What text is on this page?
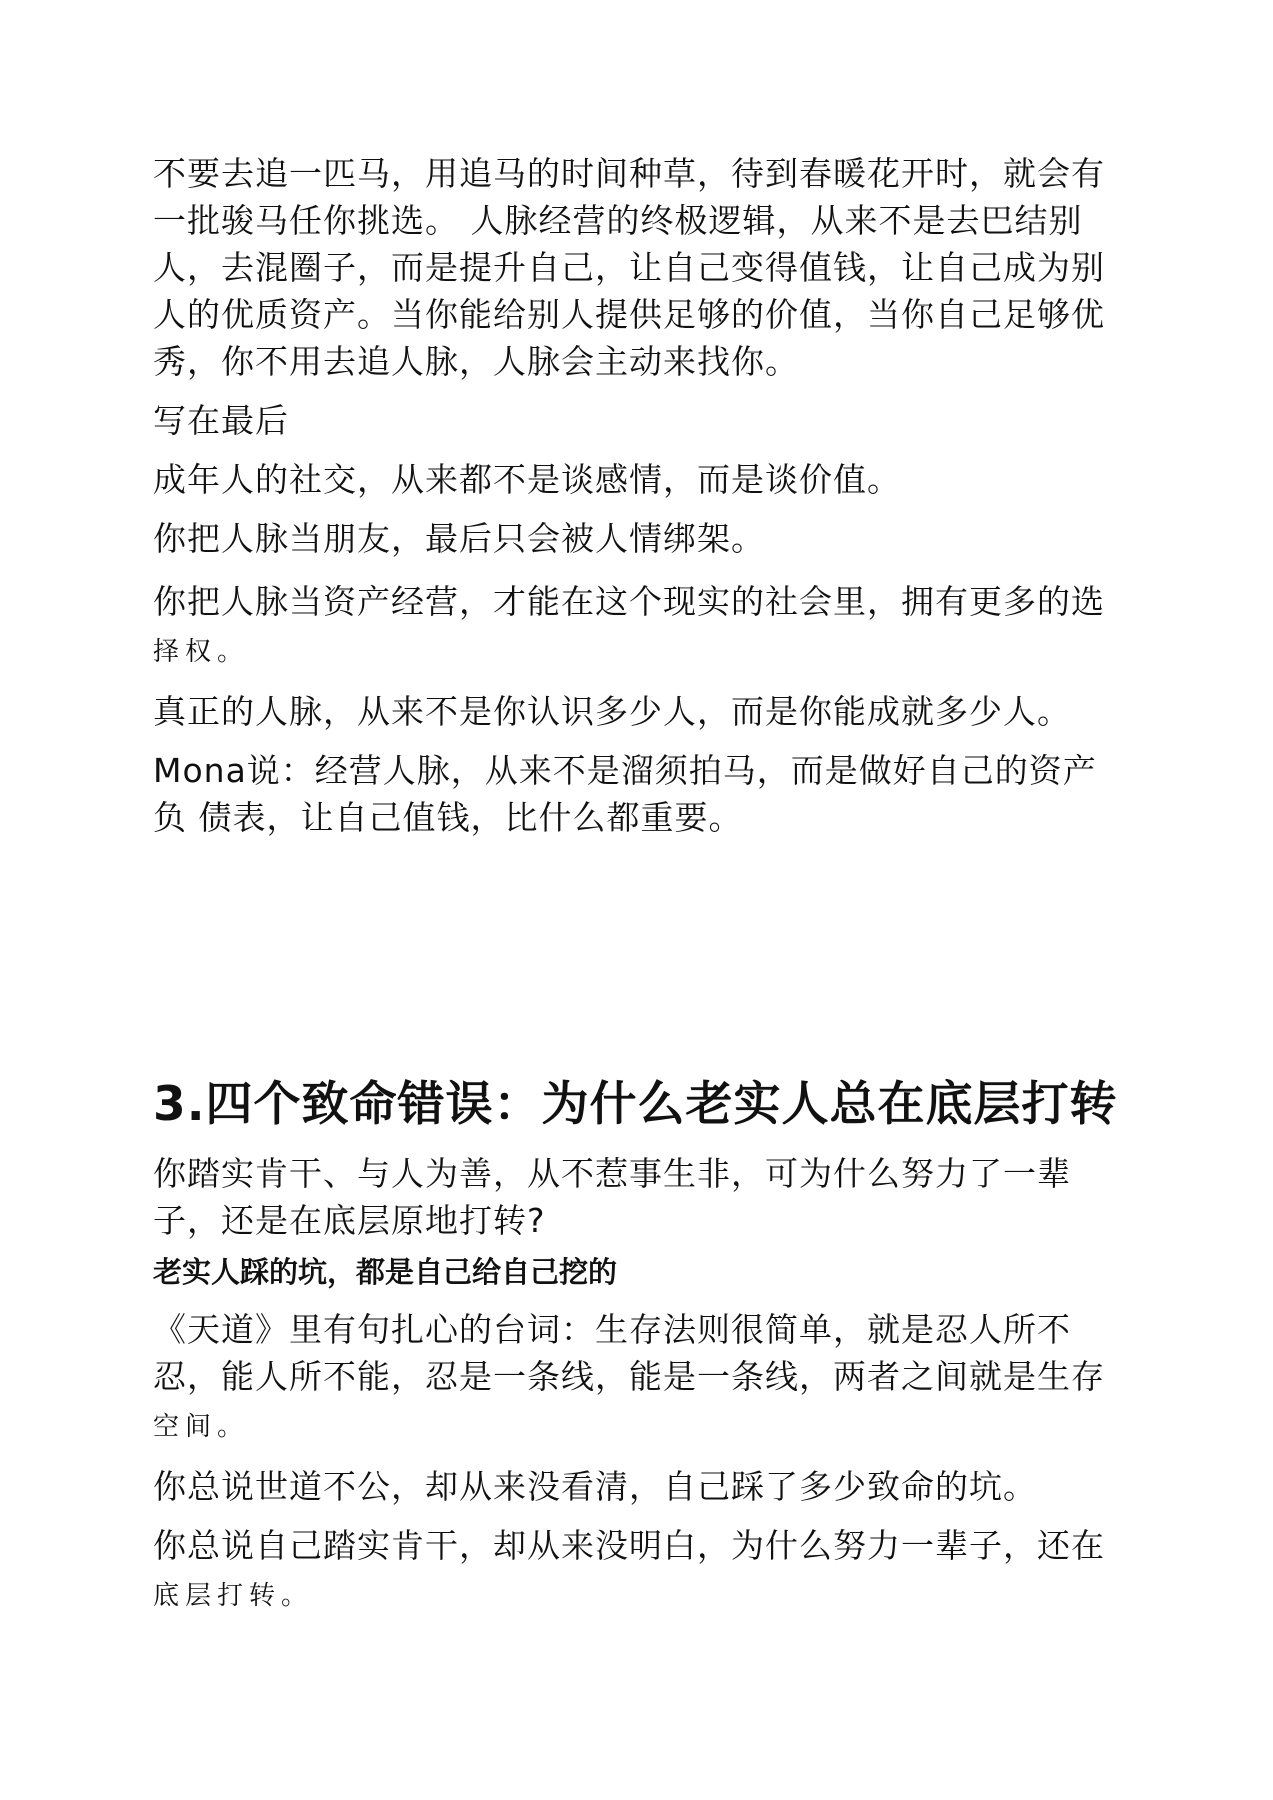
不要去追一匹马，用追马的时间种草，待到春暖花开时，就会有一批骏马任你挑选。 人脉经营的终极逻辑，从来不是去巴结别人，去混圈子，而是提升自己，让自己变得值钱，让自己成为别人的优质资产。当你能给别人提供足够的价值，当你自己足够优秀，你不用去追人脉，人脉会主动来找你。

写在最后

成年人的社交，从来都不是谈感情，而是谈价值。

你把人脉当朋友，最后只会被人情绑架。

你把人脉当资产经营，才能在这个现实的社会里，拥有更多的选
择权。

真正的人脉，从来不是你认识多少人，而是你能成就多少人。

Mona说：经营人脉，从来不是溜须拍马，而是做好自己的资产负 债表，让自己值钱，比什么都重要。

3.四个致命错误：为什么老实人总在底层打转

你踏实肯干、与人为善，从不惹事生非，可为什么努力了一辈子，还是在底层原地打转?

老实人踩的坑，都是自己给自己挖的

《天道》里有句扎心的台词：生存法则很简单，就是忍人所不忍，能人所不能，忍是一条线，能是一条线，两者之间就是生存
空间。

你总说世道不公，却从来没看清，自己踩了多少致命的坑。

你总说自己踏实肯干，却从来没明白，为什么努力一辈子，还在
底层打转。
